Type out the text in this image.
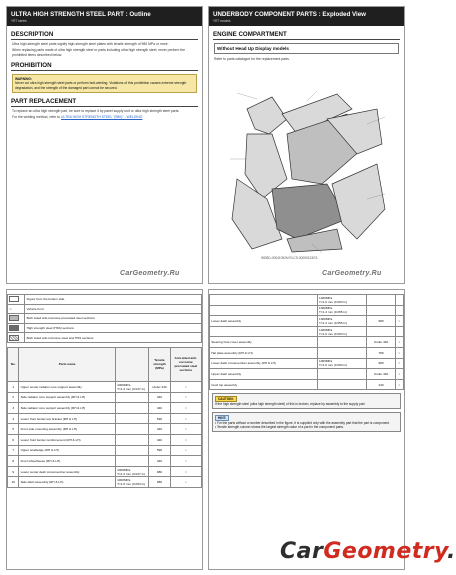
ULTRA HIGH STRENGTH STEEL PART : Outline
YRT series
DESCRIPTION
Ultra high-strength steel parts signify high-strength steel plates with tensile strength of 980 MPa or more.
When replacing parts made of ultra high strength steel or parts including ultra high strength steel, never perform the prohibited items described below.
PROHIBITION
WARNING:
Never cut ultra high strength steel parts or perform butt-welding. Violations of this prohibition causes extreme strength degradation, and the strength of the damaged part cannot be secured.
PART REPLACEMENT
To replace an ultra high strength part, be sure to replace it by panel supply unit or ultra high strength steel parts.
For the welding method, refer to ULTRA HIGH STRENGTH STEEL "(980)" - WELDING
UNDERBODY COMPONENT PARTS : Exploded View
YRT models
ENGINE COMPARTMENT
Without Head Up Display models
Refer to parts catalogue for the replacement parts.
WDBD-00041052M ELCS-00000133G3
CarGeometry.Ru	CarGeometry.Ru
	Figure from the bottom side
⇦	Vehicle front
	Both sided anti-corrosive precoated steel sections
	High strength steel (HSS) sections
	Both sided anti-corrosive steel and HSS sections
No.	Parts name		Tensile strength (MPa)	Anti-sided anti-corrosive precoated steel sections
1	Upper center radiator core support assembly	1000MPa
T=1.2 mm (0.047 in)	Under 440	○
2	Side radiator core support assembly (RH & LH)		440	○
3	Side radiator core support assembly (RH & LH)		440	○
4	Lower front fender top bracket (RH & LH)		590	○
5	Front side mounting assembly (RH & LH)		440	○
6	Lower front fender reinforcement (RH & LH)		440	○
7	Upper windledge (RH & LH)		590	○
8	Front wheelhouse (RH & LH)		440	○
9	Lower center dash crossmember assembly	1000MPa
T=1.2 mm (0.047 in)	980	○
10	Side dash assembly (RH & LH)	1000MPa
T=1.6 mm (0.063 in)	980	○

	1300MPa
T=1.6 mm (0.063 in)		

	1300MPa
T=1.4 mm (0.055 in)		

Lower dash assembly	1300MPa
T=1.4 mm (0.055 in)	980	○

	1300MPa
T=1.6 mm (0.063 in)		

Steering hole cover assembly		Under 440	○
Hat plate assembly (RH & LH)		780	○
Lower dash crossmember assembly (RH & LH)	1000MPa
T=1.6 mm (0.063 in)	980	○
Upper dash assembly		Under 440	○
Cowl top assembly		440	○
CAUTION:
If the high strength steel (ultra high strength steel) of this is broken, replace by assembly to the supply part.
HINT:
• For the parts without a number described in the figure, it is supplied only with the assembly part that the part is component.
• Tensile strength column shows the largest strength value of a part in the component parts.
CarGeometry.
